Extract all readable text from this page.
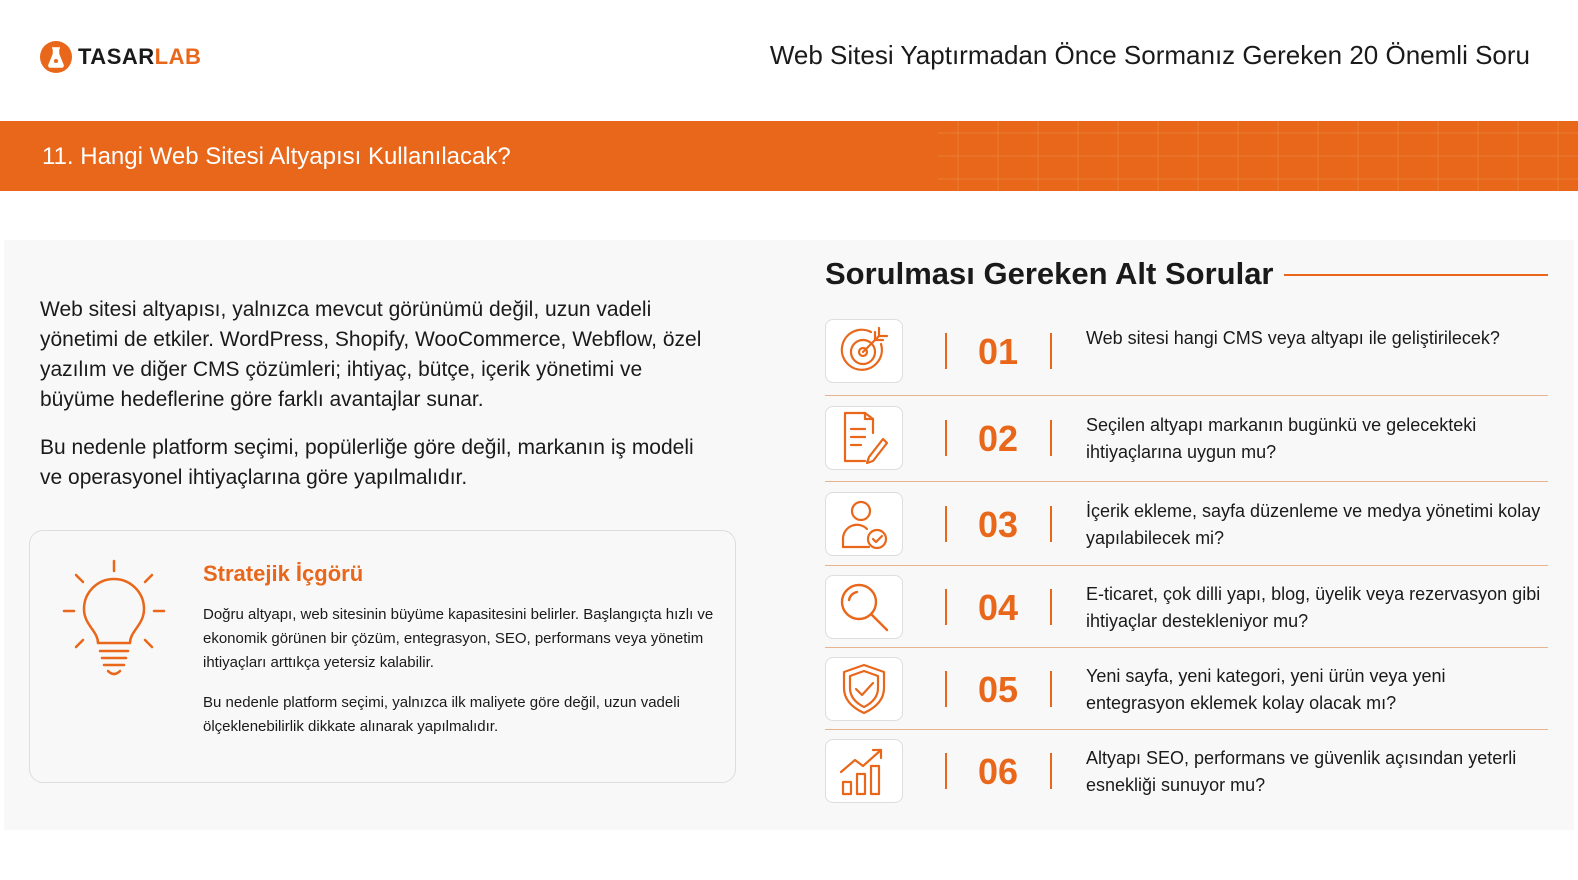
TASARLAB	Web Sitesi Yaptırmadan Önce Sormanız Gereken 20 Önemli Soru
11. Hangi Web Sitesi Altyapısı Kullanılacak?

Web sitesi altyapısı, yalnızca mevcut görünümü değil, uzun vadeli yönetimi de etkiler. WordPress, Shopify, WooCommerce, Webflow, özel yazılım ve diğer CMS çözümleri; ihtiyaç, bütçe, içerik yönetimi ve büyüme hedeflerine göre farklı avantajlar sunar.

Bu nedenle platform seçimi, popülerliğe göre değil, markanın iş modeli ve operasyonel ihtiyaçlarına göre yapılmalıdır.

Stratejik İçgörü

Doğru altyapı, web sitesinin büyüme kapasitesini belirler. Başlangıçta hızlı ve ekonomik görünen bir çözüm, entegrasyon, SEO, performans veya yönetim ihtiyaçları arttıkça yetersiz kalabilir.

Bu nedenle platform seçimi, yalnızca ilk maliyete göre değil, uzun vadeli ölçeklenebilirlik dikkate alınarak yapılmalıdır.

Sorulması Gereken Alt Sorular
01	Web sitesi hangi CMS veya altyapı ile geliştirilecek?
02	Seçilen altyapı markanın bugünkü ve gelecekteki ihtiyaçlarına uygun mu?
03	İçerik ekleme, sayfa düzenleme ve medya yönetimi kolay yapılabilecek mi?
04	E-ticaret, çok dilli yapı, blog, üyelik veya rezervasyon gibi ihtiyaçlar destekleniyor mu?
05	Yeni sayfa, yeni kategori, yeni ürün veya yeni entegrasyon eklemek kolay olacak mı?
06	Altyapı SEO, performans ve güvenlik açısından yeterli esnekliği sunuyor mu?
